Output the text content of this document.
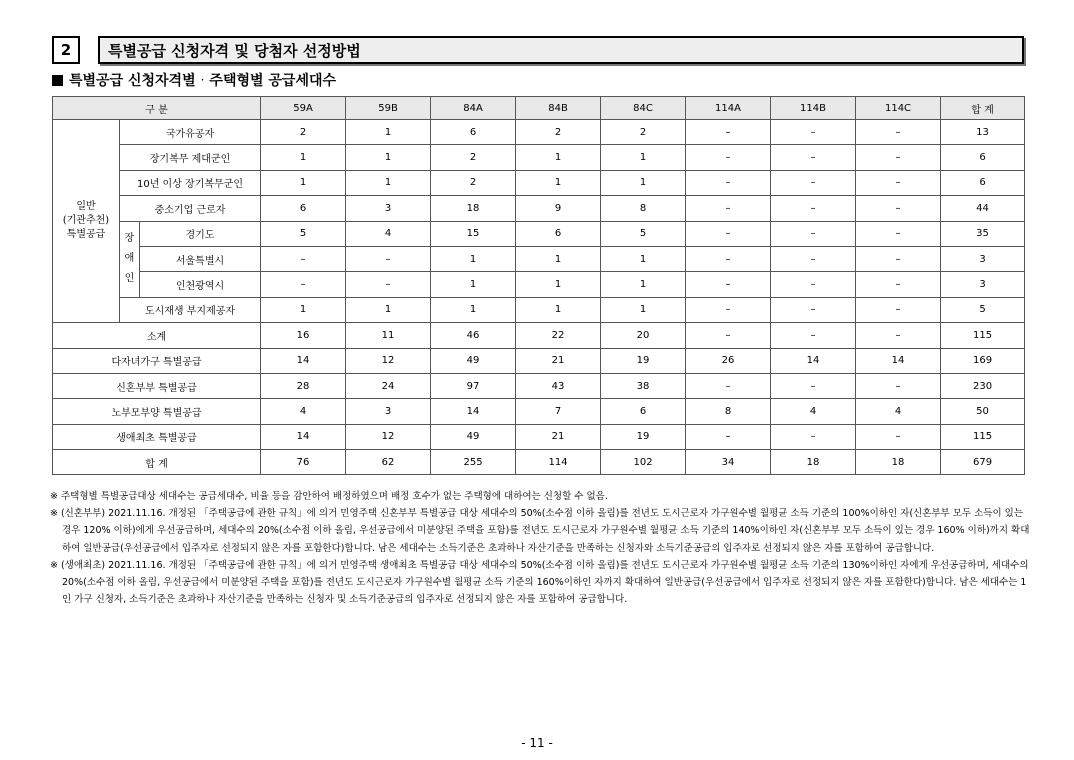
2	특별공급 신청자격 및 당첨자 선정방법
특별공급 신청자격별 · 주택형별 공급세대수
구 분			59A	59B	84A	84B	84C	114A	114B	114C	합 계
일반
(기관추천)
특별공급	국가유공자		2	1	6	2	2	–	–	–	13
	장기복무 제대군인		1	1	2	1	1	–	–	–	6
	10년 이상 장기복무군인		1	1	2	1	1	–	–	–	6
	중소기업 근로자		6	3	18	9	8	–	–	–	44
	장
애
인	경기도	5	4	15	6	5	–	–	–	35
		서울특별시	–	–	1	1	1	–	–	–	3
		인천광역시	–	–	1	1	1	–	–	–	3
	도시재생 부지제공자		1	1	1	1	1	–	–	–	5
소계			16	11	46	22	20	–	–	–	115
다자녀가구 특별공급			14	12	49	21	19	26	14	14	169
신혼부부 특별공급			28	24	97	43	38	–	–	–	230
노부모부양 특별공급			4	3	14	7	6	8	4	4	50
생애최초 특별공급			14	12	49	21	19	–	–	–	115
합 계			76	62	255	114	102	34	18	18	679
※ 주택형별 특별공급대상 세대수는 공급세대수, 비율 등을 감안하여 배정하였으며 배정 호수가 없는 주택형에 대하여는 신청할 수 없음.
※ (신혼부부) 2021.11.16. 개정된 「주택공급에 관한 규칙」에 의거 민영주택 신혼부부 특별공급 대상 세대수의 50%(소수점 이하 올림)를 전년도 도시근로자 가구원수별 월평균 소득 기준의 100%이하인 자(신혼부부 모두 소득이 있는 경우 120% 이하)에게 우선공급하며, 세대수의 20%(소수점 이하 올림, 우선공급에서 미분양된 주택을 포함)를 전년도 도시근로자 가구원수별 월평균 소득 기준의 140%이하인 자(신혼부부 모두 소득이 있는 경우 160% 이하)까지 확대하여 일반공급(우선공급에서 입주자로 선정되지 않은 자를 포함한다)합니다. 남은 세대수는 소득기준은 초과하나 자산기준을 만족하는 신청자와 소득기준공급의 입주자로 선정되지 않은 자를 포함하여 공급합니다.
※ (생애최초) 2021.11.16. 개정된 「주택공급에 관한 규칙」에 의거 민영주택 생애최초 특별공급 대상 세대수의 50%(소수점 이하 올림)를 전년도 도시근로자 가구원수별 월평균 소득 기준의 130%이하인 자에게 우선공급하며, 세대수의 20%(소수점 이하 올림, 우선공급에서 미분양된 주택을 포함)를 전년도 도시근로자 가구원수별 월평균 소득 기준의 160%이하인 자까지 확대하여 일반공급(우선공급에서 입주자로 선정되지 않은 자를 포함한다)합니다. 남은 세대수는 1인 가구 신청자, 소득기준은 초과하나 자산기준을 만족하는 신청자 및 소득기준공급의 입주자로 선정되지 않은 자를 포함하여 공급합니다.
- 11 -
